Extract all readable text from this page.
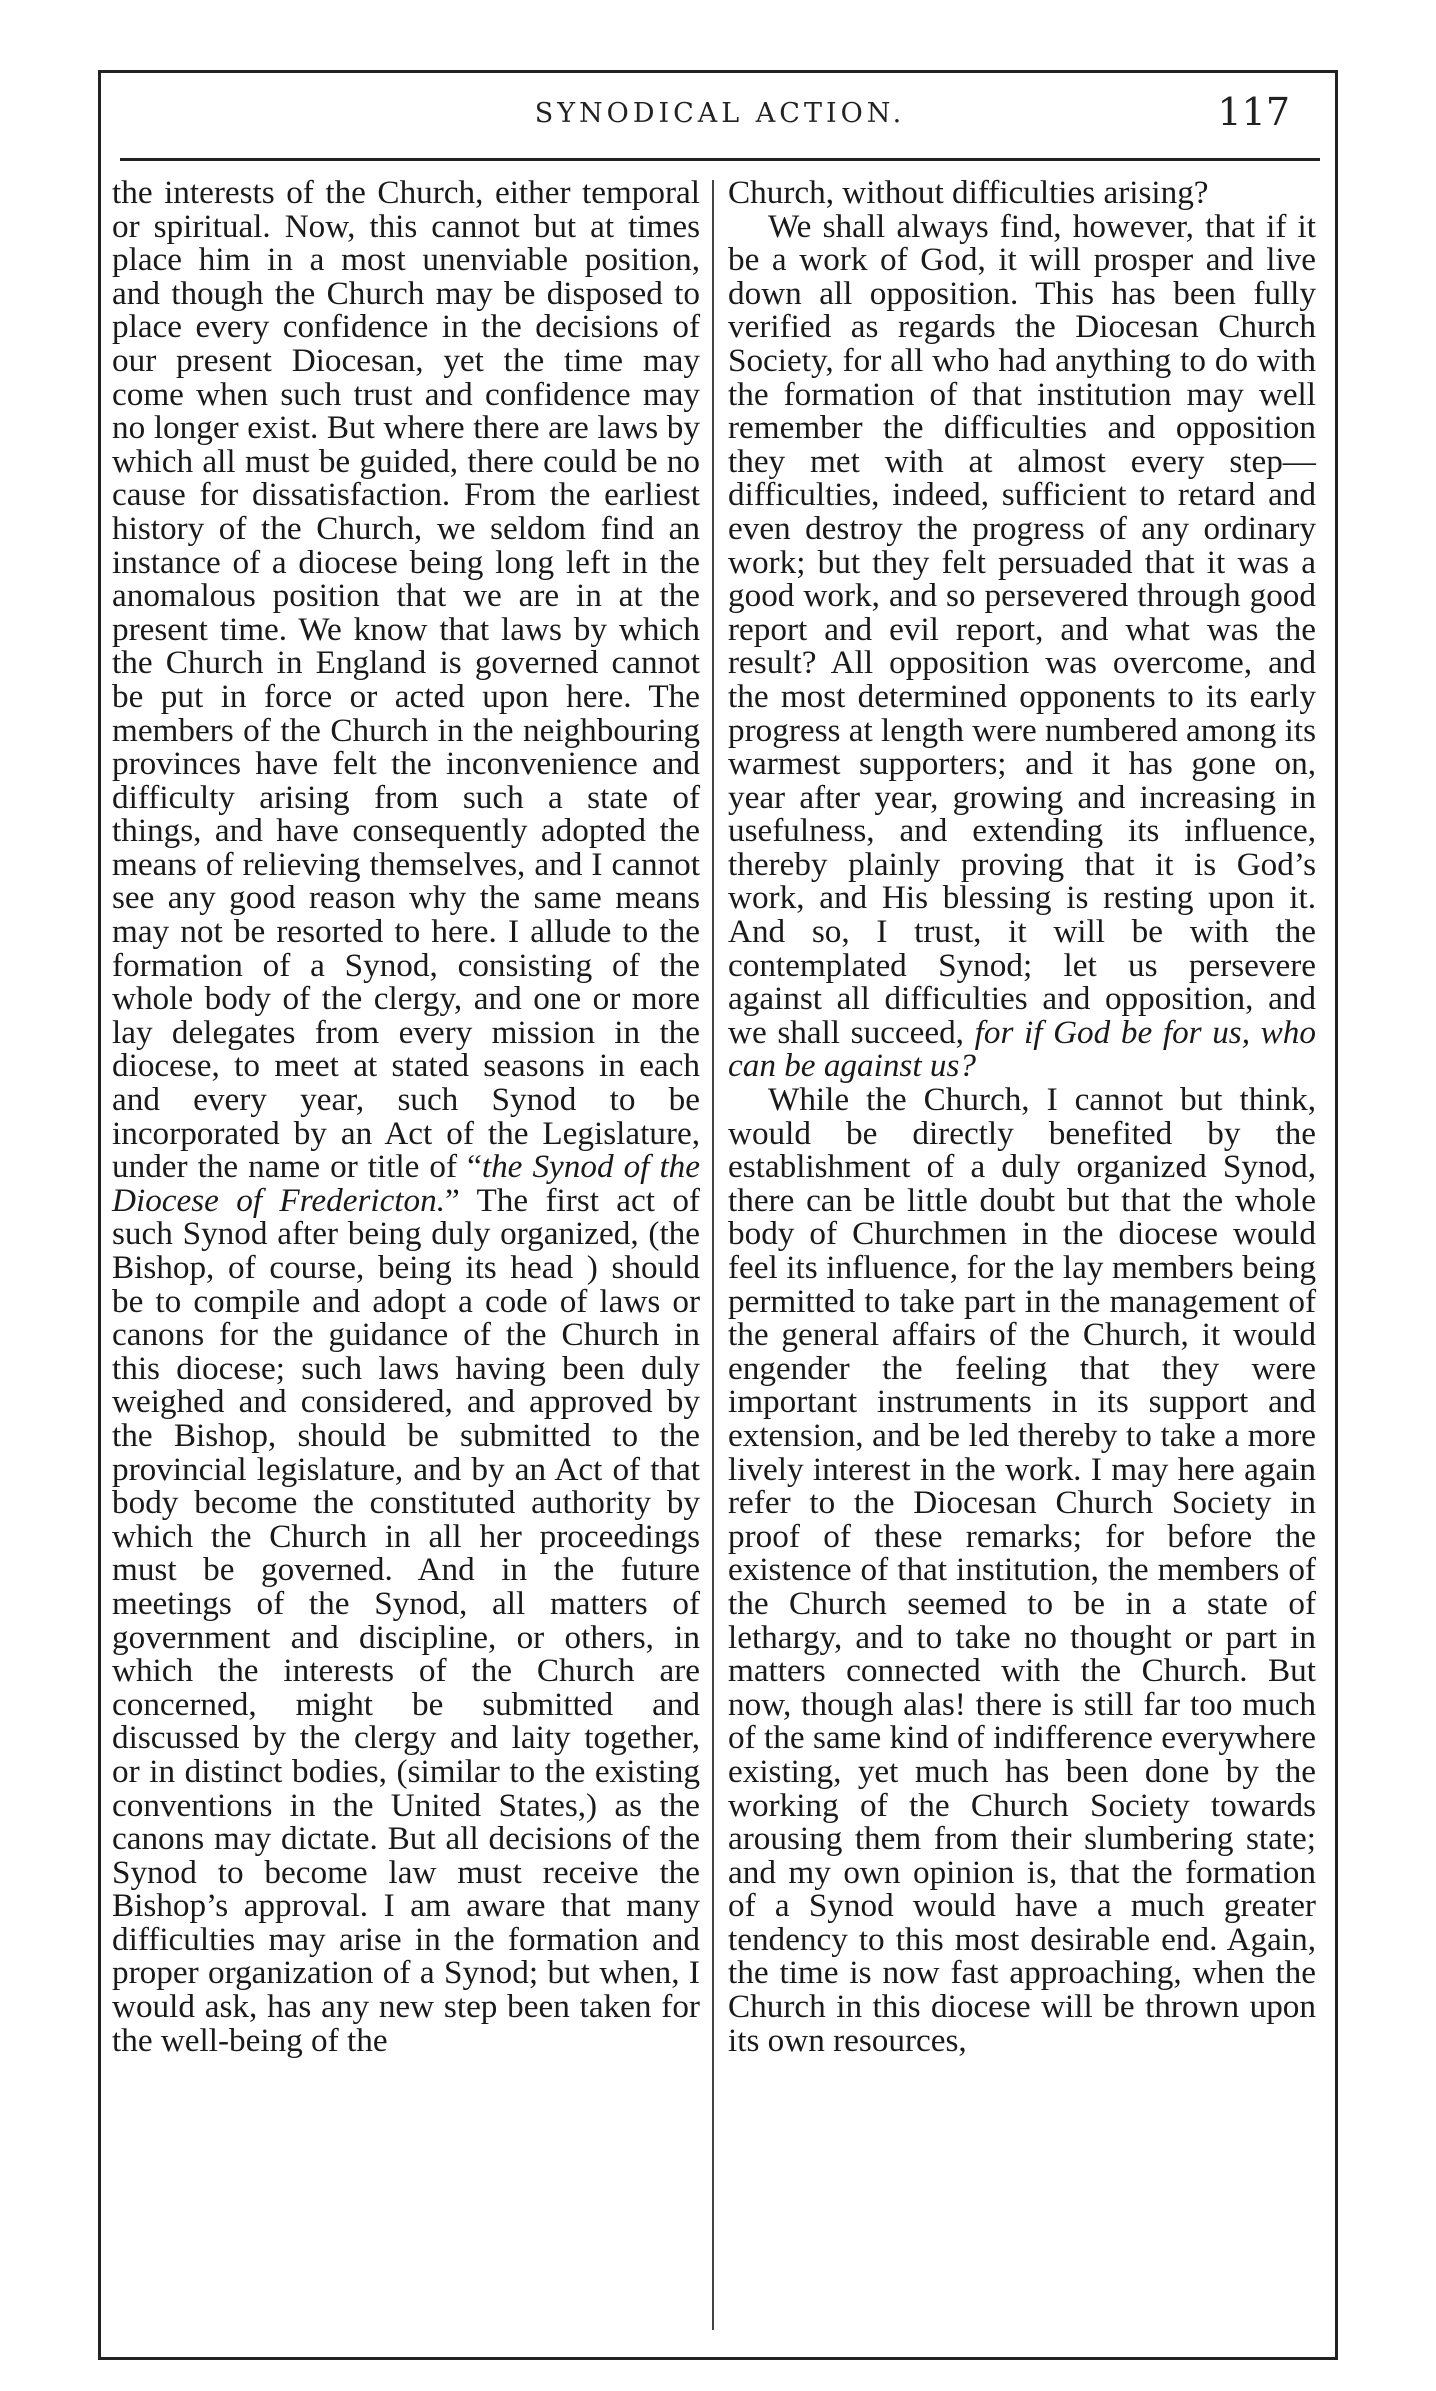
SYNODICAL ACTION.	117

the interests of the Church, either temporal or spiritual. Now, this cannot but at times place him in a most unenviable position, and though the Church may be disposed to place every confidence in the decisions of our present Diocesan, yet the time may come when such trust and confidence may no longer exist. But where there are laws by which all must be guided, there could be no cause for dissatisfaction. From the earliest history of the Church, we seldom find an instance of a diocese being long left in the anomalous position that we are in at the present time. We know that laws by which the Church in England is governed cannot be put in force or acted upon here. The members of the Church in the neighbouring provinces have felt the inconvenience and difficulty arising from such a state of things, and have consequently adopted the means of relieving themselves, and I cannot see any good reason why the same means may not be resorted to here. I allude to the formation of a Synod, consisting of the whole body of the clergy, and one or more lay delegates from every mission in the diocese, to meet at stated seasons in each and every year, such Synod to be incorporated by an Act of the Legislature, under the name or title of “the Synod of the Diocese of Fredericton.” The first act of such Synod after being duly organized, (the Bishop, of course, being its head ) should be to compile and adopt a code of laws or canons for the guidance of the Church in this diocese; such laws having been duly weighed and considered, and approved by the Bishop, should be submitted to the provincial legislature, and by an Act of that body become the constituted authority by which the Church in all her proceedings must be governed. And in the future meetings of the Synod, all matters of government and discipline, or others, in which the interests of the Church are concerned, might be submitted and discussed by the clergy and laity together, or in distinct bodies, (similar to the existing conventions in the United States,) as the canons may dictate. But all decisions of the Synod to become law must receive the Bishop’s approval. I am aware that many difficulties may arise in the formation and proper organization of a Synod; but when, I would ask, has any new step been taken for the well-being of the

Church, without difficulties arising?

We shall always find, however, that if it be a work of God, it will prosper and live down all opposition. This has been fully verified as regards the Diocesan Church Society, for all who had anything to do with the formation of that institution may well remember the difficulties and opposition they met with at almost every step—difficulties, indeed, sufficient to retard and even destroy the progress of any ordinary work; but they felt persuaded that it was a good work, and so persevered through good report and evil report, and what was the result? All opposition was overcome, and the most determined opponents to its early progress at length were numbered among its warmest supporters; and it has gone on, year after year, growing and increasing in usefulness, and extending its influence, thereby plainly proving that it is God’s work, and His blessing is resting upon it. And so, I trust, it will be with the contemplated Synod; let us persevere against all difficulties and opposition, and we shall succeed, for if God be for us, who can be against us?

While the Church, I cannot but think, would be directly benefited by the establishment of a duly organized Synod, there can be little doubt but that the whole body of Churchmen in the diocese would feel its influence, for the lay members being permitted to take part in the management of the general affairs of the Church, it would engender the feeling that they were important instruments in its support and extension, and be led thereby to take a more lively interest in the work. I may here again refer to the Diocesan Church Society in proof of these remarks; for before the existence of that institution, the members of the Church seemed to be in a state of lethargy, and to take no thought or part in matters connected with the Church. But now, though alas! there is still far too much of the same kind of indifference everywhere existing, yet much has been done by the working of the Church Society towards arousing them from their slumbering state; and my own opinion is, that the formation of a Synod would have a much greater tendency to this most desirable end. Again, the time is now fast approaching, when the Church in this diocese will be thrown upon its own resources,
